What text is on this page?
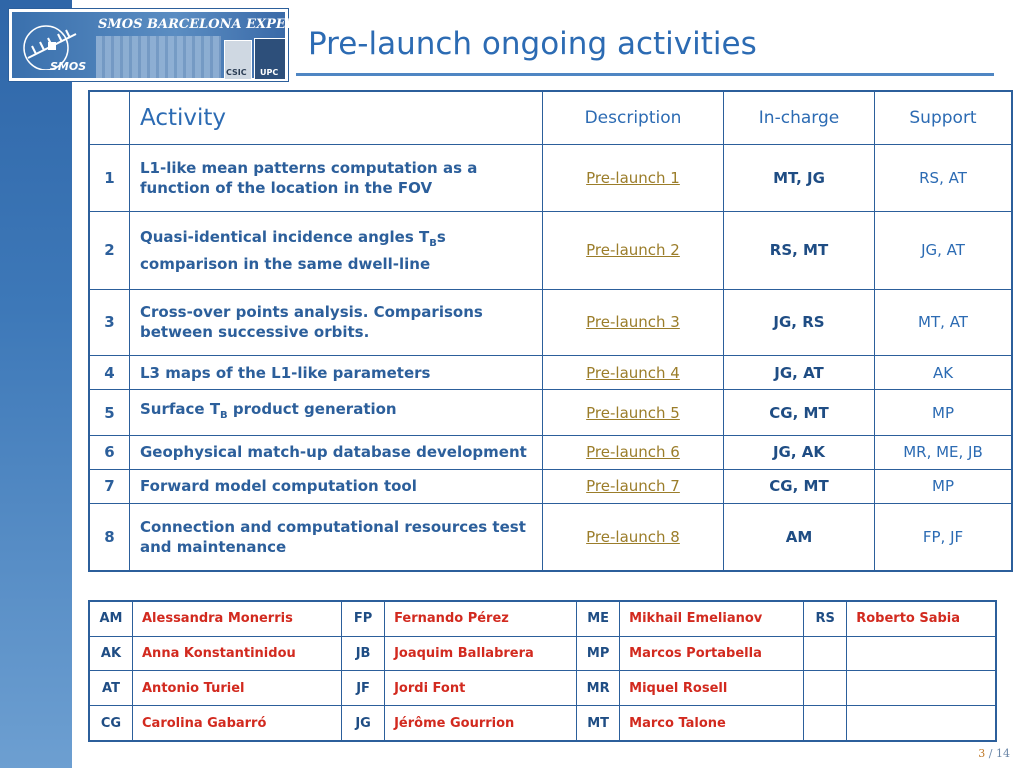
SMOS BARCELONA EXPERT CENTRE
SMOS	CSIC UPC
Pre-launch ongoing activities
	Activity	Description	In-charge	Support
1	L1-like mean patterns computation as a function of the location in the FOV	Pre-launch 1	MT, JG	RS, AT
2	Quasi-identical incidence angles $T_Bs$ comparison in the same dwell-line	Pre-launch 2	RS, MT	JG, AT
3	Cross-over points analysis. Comparisons between successive orbits.	Pre-launch 3	JG, RS	MT, AT
4	L3 maps of the L1-like parameters	Pre-launch 4	JG, AT	AK
5	Surface $T_B$ product generation	Pre-launch 5	CG, MT	MP
6	Geophysical match-up database development	Pre-launch 6	JG, AK	MR, ME, JB
7	Forward model computation tool	Pre-launch 7	CG, MT	MP
8	Connection and computational resources test and maintenance	Pre-launch 8	AM	FP, JF
AM	Alessandra Monerris	FP	Fernando Pérez	ME	Mikhail Emelianov	RS	Roberto Sabia
AK	Anna Konstantinidou	JB	Joaquim Ballabrera	MP	Marcos Portabella		
AT	Antonio Turiel	JF	Jordi Font	MR	Miquel Rosell		
CG	Carolina Gabarró	JG	Jérôme Gourrion	MT	Marco Talone		
3 / 14
